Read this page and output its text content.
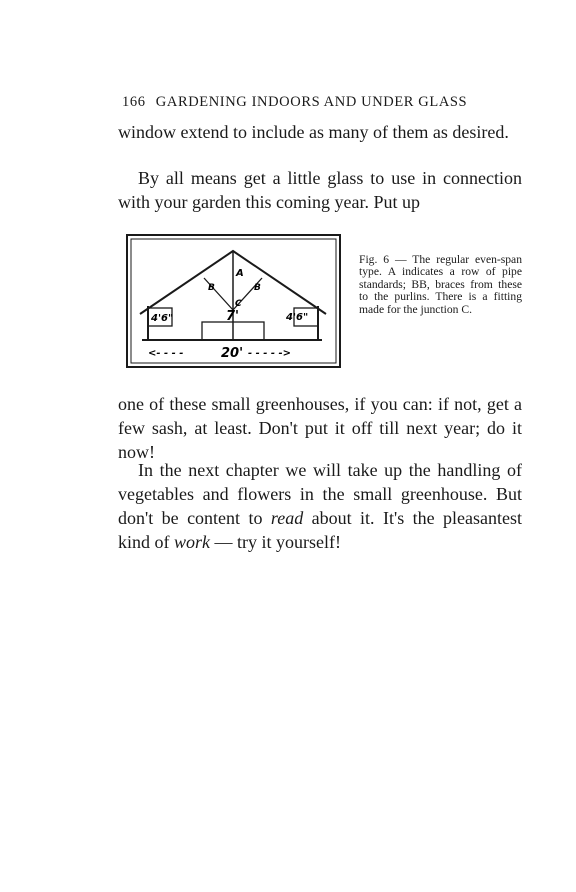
166 GARDENING INDOORS AND UNDER GLASS

window extend to include as many of them as desired.

By all means get a little glass to use in connection with your garden this coming year. Put up

A
B	B
C
4'6"	7'	4'6"
<- - - -	20' - - - - ->

Fig. 6 — The regular even-span type. A indicates a row of pipe standards; BB, braces from these to the purlins. There is a fitting made for the junction C.

one of these small greenhouses, if you can: if not, get a few sash, at least. Don't put it off till next year; do it now!

In the next chapter we will take up the handling of vegetables and flowers in the small greenhouse. But don't be content to read about it. It's the pleasantest kind of work — try it yourself!
